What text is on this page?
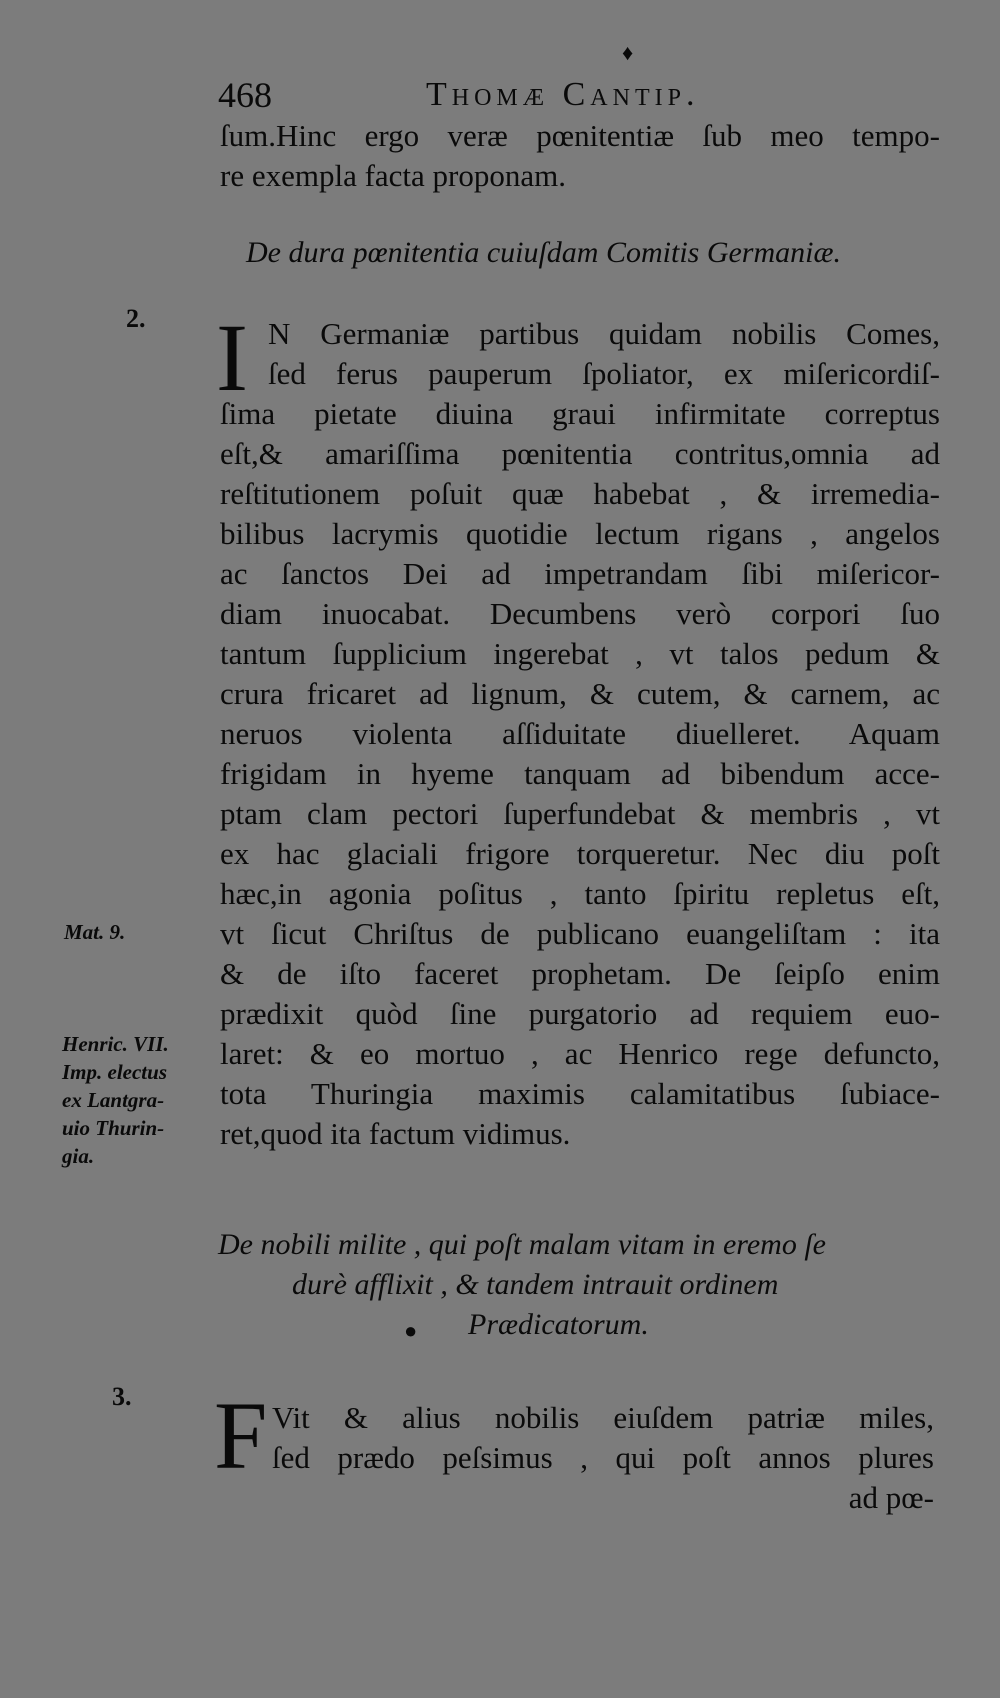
♦
468	Thomæ Cantip.
ſum.Hinc ergo veræ pœnitentiæ ſub meo tempo-
re exempla facta proponam.
De dura pœnitentia cuiuſdam Comitis Germaniæ.
2. I N Germaniæ partibus quidam nobilis Comes,
ſed ferus pauperum ſpoliator, ex miſericordiſ-
ſima pietate diuina graui infirmitate correptus
eſt,& amariſſima pœnitentia contritus,omnia ad
reſtitutionem poſuit quæ habebat , & irremedia-
bilibus lacrymis quotidie lectum rigans , angelos
ac ſanctos Dei ad impetrandam ſibi miſericor-
diam inuocabat. Decumbens verò corpori ſuo
tantum ſupplicium ingerebat , vt talos pedum &
crura fricaret ad lignum, & cutem, & carnem, ac
neruos violenta aſſiduitate diuelleret. Aquam
frigidam in hyeme tanquam ad bibendum acce-
ptam clam pectori ſuperfundebat & membris , vt
ex hac glaciali frigore torqueretur. Nec diu poſt
hæc,in agonia poſitus , tanto ſpiritu repletus eſt,
vt ſicut Chriſtus de publicano euangeliſtam : ita
& de iſto faceret prophetam. De ſeipſo enim
prædixit quòd ſine purgatorio ad requiem euo-
laret: & eo mortuo , ac Henrico rege defuncto,
tota Thuringia maximis calamitatibus ſubiace-
ret,quod ita factum vidimus.
Mat. 9.
Henric. VII.
Imp. electus
ex Lantgra-
uio Thurin-
gia.
De nobili milite , qui poſt malam vitam in eremo ſe
durè afflixit , & tandem intrauit ordinem
● Prædicatorum.
3. F Vit & alius nobilis eiuſdem patriæ miles,
ſed prædo peſsimus , qui poſt annos plures
ad pœ-
